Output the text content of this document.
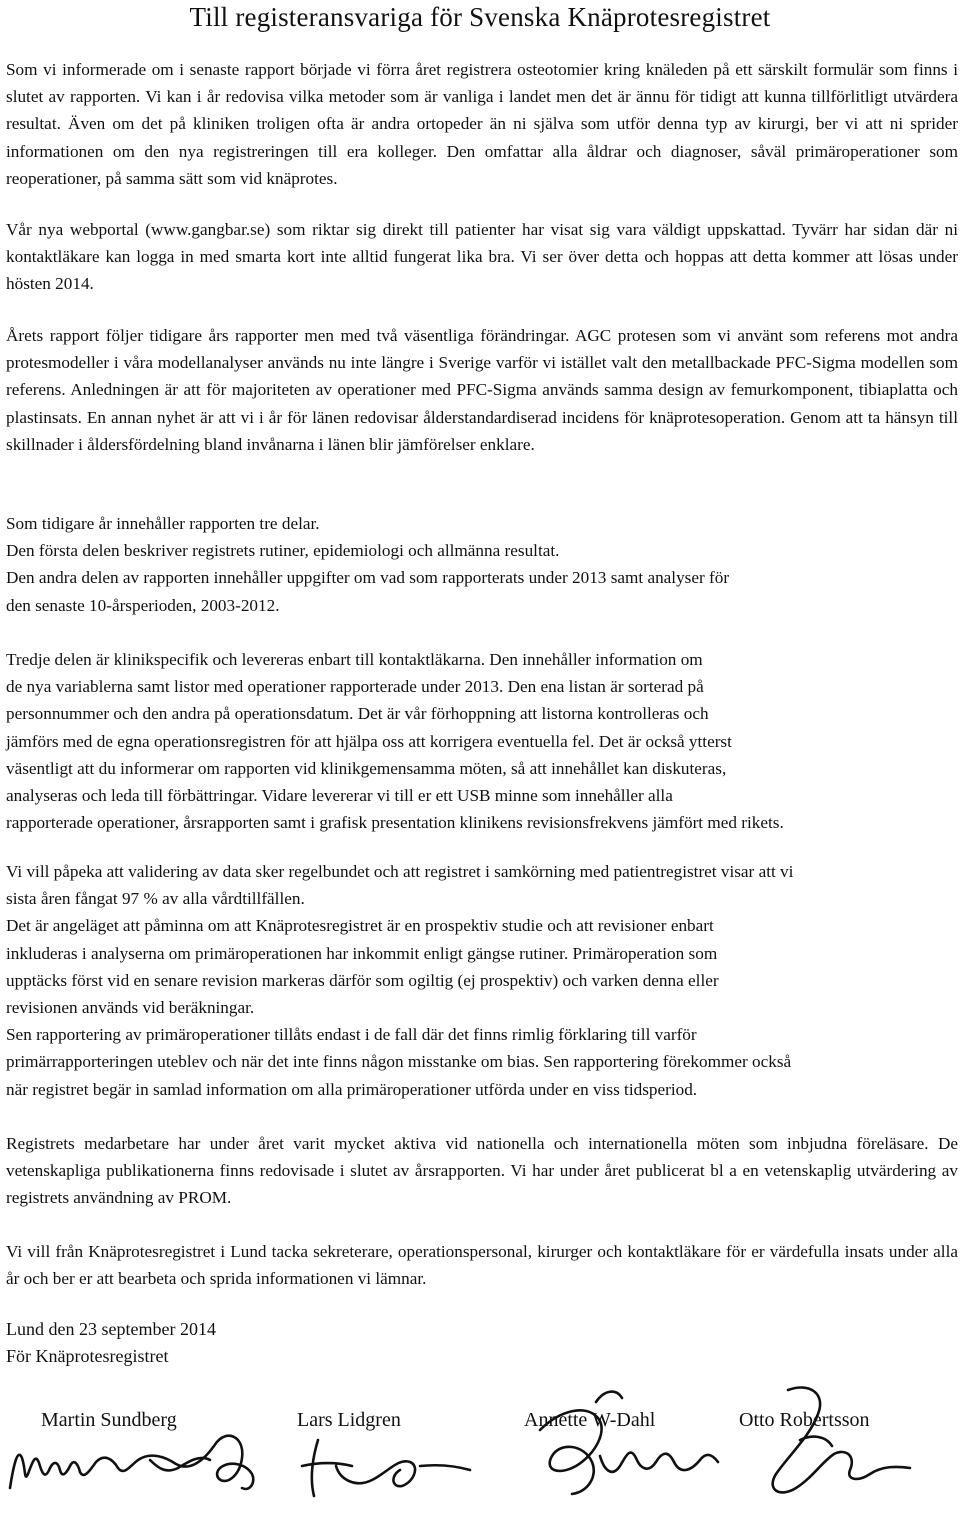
Till registeransvariga för Svenska Knäprotesregistret

Som vi informerade om i senaste rapport började vi förra året registrera osteotomier kring knäleden på ett särskilt formulär som finns i slutet av rapporten. Vi kan i år redovisa vilka metoder som är vanliga i landet men det är ännu för tidigt att kunna tillförlitligt utvärdera resultat. Även om det på kliniken troligen ofta är andra ortopeder än ni själva som utför denna typ av kirurgi, ber vi att ni sprider informationen om den nya registreringen till era kolleger. Den omfattar alla åldrar och diagnoser, såväl primäroperationer som reoperationer, på samma sätt som vid knäprotes.

Vår nya webportal (www.gangbar.se) som riktar sig direkt till patienter har visat sig vara väldigt uppskattad. Tyvärr har sidan där ni kontaktläkare kan logga in med smarta kort inte alltid fungerat lika bra. Vi ser över detta och hoppas att detta kommer att lösas under hösten 2014.

Årets rapport följer tidigare års rapporter men med två väsentliga förändringar. AGC protesen som vi använt som referens mot andra protesmodeller i våra modellanalyser används nu inte längre i Sverige varför vi istället valt den metallbackade PFC-Sigma modellen som referens. Anledningen är att för majoriteten av operationer med PFC-Sigma används samma design av femurkomponent, tibiaplatta och plastinsats. En annan nyhet är att vi i år för länen redovisar ålderstandardiserad incidens för knäprotesoperation. Genom att ta hänsyn till skillnader i åldersfördelning bland invånarna i länen blir jämförelser enklare.

Som tidigare år innehåller rapporten tre delar.
Den första delen beskriver registrets rutiner, epidemiologi och allmänna resultat.
Den andra delen av rapporten innehåller uppgifter om vad som rapporterats under 2013 samt analyser för
den senaste 10-årsperioden, 2003-2012.

Tredje delen är klinikspecifik och levereras enbart till kontaktläkarna. Den innehåller information om
de nya variablerna samt listor med operationer rapporterade under 2013. Den ena listan är sorterad på
personnummer och den andra på operationsdatum. Det är vår förhoppning att listorna kontrolleras och
jämförs med de egna operationsregistren för att hjälpa oss att korrigera eventuella fel. Det är också ytterst
väsentligt att du informerar om rapporten vid klinikgemensamma möten, så att innehållet kan diskuteras,
analyseras och leda till förbättringar. Vidare levererar vi till er ett USB minne som innehåller alla
rapporterade operationer, årsrapporten samt i grafisk presentation klinikens revisionsfrekvens jämfört med rikets.

Vi vill påpeka att validering av data sker regelbundet och att registret i samkörning med patientregistret visar att vi
sista åren fångat 97 % av alla vårdtillfällen.
Det är angeläget att påminna om att Knäprotesregistret är en prospektiv studie och att revisioner enbart
inkluderas i analyserna om primäroperationen har inkommit enligt gängse rutiner. Primäroperation som
upptäcks först vid en senare revision markeras därför som ogiltig (ej prospektiv) och varken denna eller
revisionen används vid beräkningar.
Sen rapportering av primäroperationer tillåts endast i de fall där det finns rimlig förklaring till varför
primärrapporteringen uteblev och när det inte finns någon misstanke om bias. Sen rapportering förekommer också
när registret begär in samlad information om alla primäroperationer utförda under en viss tidsperiod.

Registrets medarbetare har under året varit mycket aktiva vid nationella och internationella möten som inbjudna föreläsare. De vetenskapliga publikationerna finns redovisade i slutet av årsrapporten. Vi har under året publicerat bl a en vetenskaplig utvärdering av registrets användning av PROM.

Vi vill från Knäprotesregistret i Lund tacka sekreterare, operationspersonal, kirurger och kontaktläkare för er värdefulla insats under alla år och ber er att bearbeta och sprida informationen vi lämnar.

Lund den 23 september 2014
För Knäprotesregistret

Martin Sundberg	Lars Lidgren	Annette W-Dahl	Otto Robertsson
